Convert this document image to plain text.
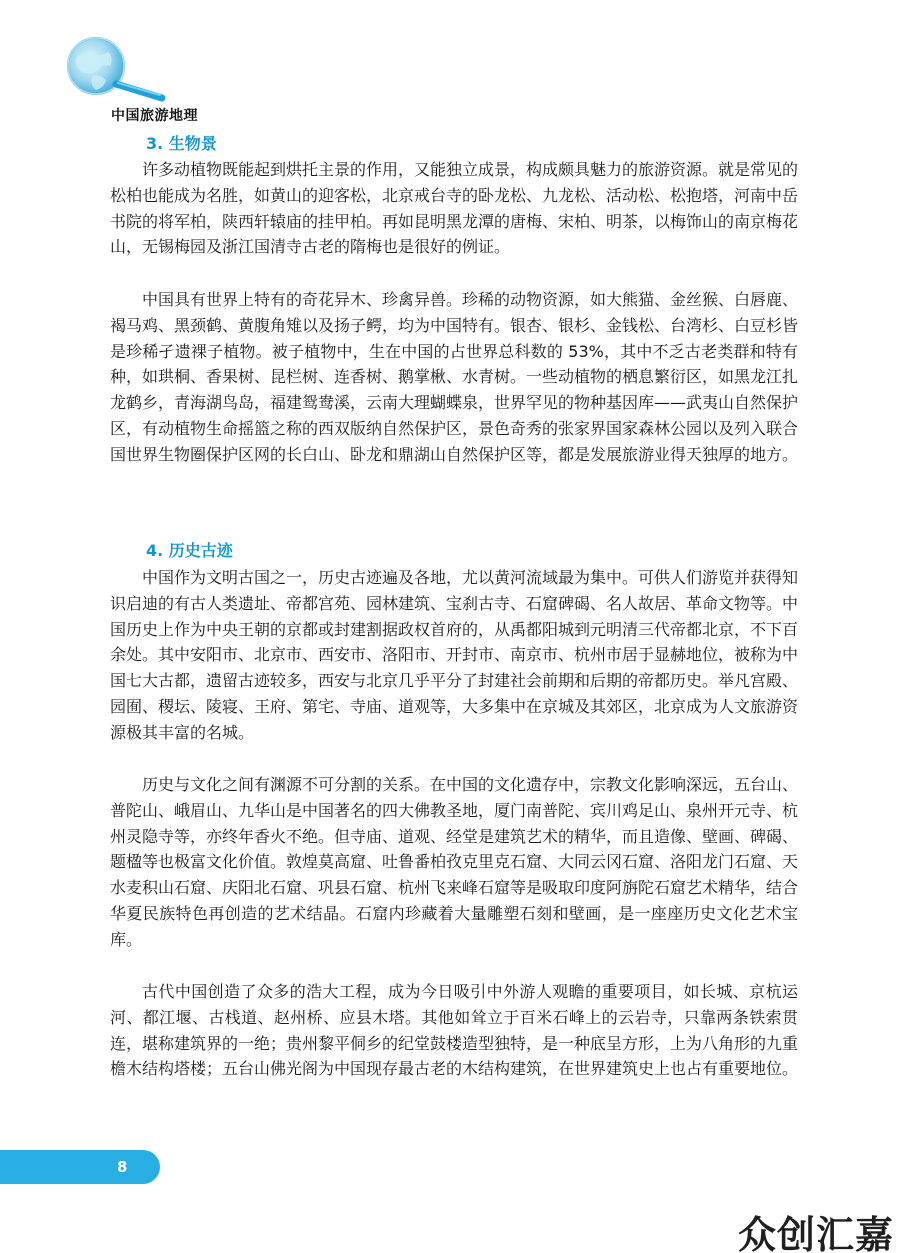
中国旅游地理
3. 生物景

许多动植物既能起到烘托主景的作用，又能独立成景，构成颇具魅力的旅游资源。就是常见的松柏也能成为名胜，如黄山的迎客松，北京戒台寺的卧龙松、九龙松、活动松、松抱塔，河南中岳书院的将军柏，陕西轩辕庙的挂甲柏。再如昆明黑龙潭的唐梅、宋柏、明茶，以梅饰山的南京梅花山，无锡梅园及浙江国清寺古老的隋梅也是很好的例证。

中国具有世界上特有的奇花异木、珍禽异兽。珍稀的动物资源，如大熊猫、金丝猴、白唇鹿、褐马鸡、黑颈鹤、黄腹角雉以及扬子鳄，均为中国特有。银杏、银杉、金钱松、台湾杉、白豆杉皆是珍稀孑遗裸子植物。被子植物中，生在中国的占世界总科数的 53%，其中不乏古老类群和特有种，如珙桐、香果树、昆栏树、连香树、鹅掌楸、水青树。一些动植物的栖息繁衍区，如黑龙江扎龙鹤乡，青海湖鸟岛，福建鸳鸯溪，云南大理蝴蝶泉，世界罕见的物种基因库——武夷山自然保护区，有动植物生命摇篮之称的西双版纳自然保护区，景色奇秀的张家界国家森林公园以及列入联合国世界生物圈保护区网的长白山、卧龙和鼎湖山自然保护区等，都是发展旅游业得天独厚的地方。

4. 历史古迹

中国作为文明古国之一，历史古迹遍及各地，尤以黄河流域最为集中。可供人们游览并获得知识启迪的有古人类遗址、帝都宫苑、园林建筑、宝刹古寺、石窟碑碣、名人故居、革命文物等。中国历史上作为中央王朝的京都或封建割据政权首府的，从禹都阳城到元明清三代帝都北京，不下百余处。其中安阳市、北京市、西安市、洛阳市、开封市、南京市、杭州市居于显赫地位，被称为中国七大古都，遗留古迹较多，西安与北京几乎平分了封建社会前期和后期的帝都历史。举凡宫殿、园囿、稷坛、陵寝、王府、第宅、寺庙、道观等，大多集中在京城及其郊区，北京成为人文旅游资源极其丰富的名城。

历史与文化之间有渊源不可分割的关系。在中国的文化遗存中，宗教文化影响深远，五台山、普陀山、峨眉山、九华山是中国著名的四大佛教圣地，厦门南普陀、宾川鸡足山、泉州开元寺、杭州灵隐寺等，亦终年香火不绝。但寺庙、道观、经堂是建筑艺术的精华，而且造像、壁画、碑碣、题楹等也极富文化价值。敦煌莫高窟、吐鲁番柏孜克里克石窟、大同云冈石窟、洛阳龙门石窟、天水麦积山石窟、庆阳北石窟、巩县石窟、杭州飞来峰石窟等是吸取印度阿旃陀石窟艺术精华，结合华夏民族特色再创造的艺术结晶。石窟内珍藏着大量雕塑石刻和壁画，是一座座历史文化艺术宝库。

古代中国创造了众多的浩大工程，成为今日吸引中外游人观瞻的重要项目，如长城、京杭运河、都江堰、古栈道、赵州桥、应县木塔。其他如耸立于百米石峰上的云岩寺，只靠两条铁索贯连，堪称建筑界的一绝；贵州黎平侗乡的纪堂鼓楼造型独特，是一种底呈方形，上为八角形的九重檐木结构塔楼；五台山佛光阁为中国现存最古老的木结构建筑，在世界建筑史上也占有重要地位。

8
众创汇嘉
